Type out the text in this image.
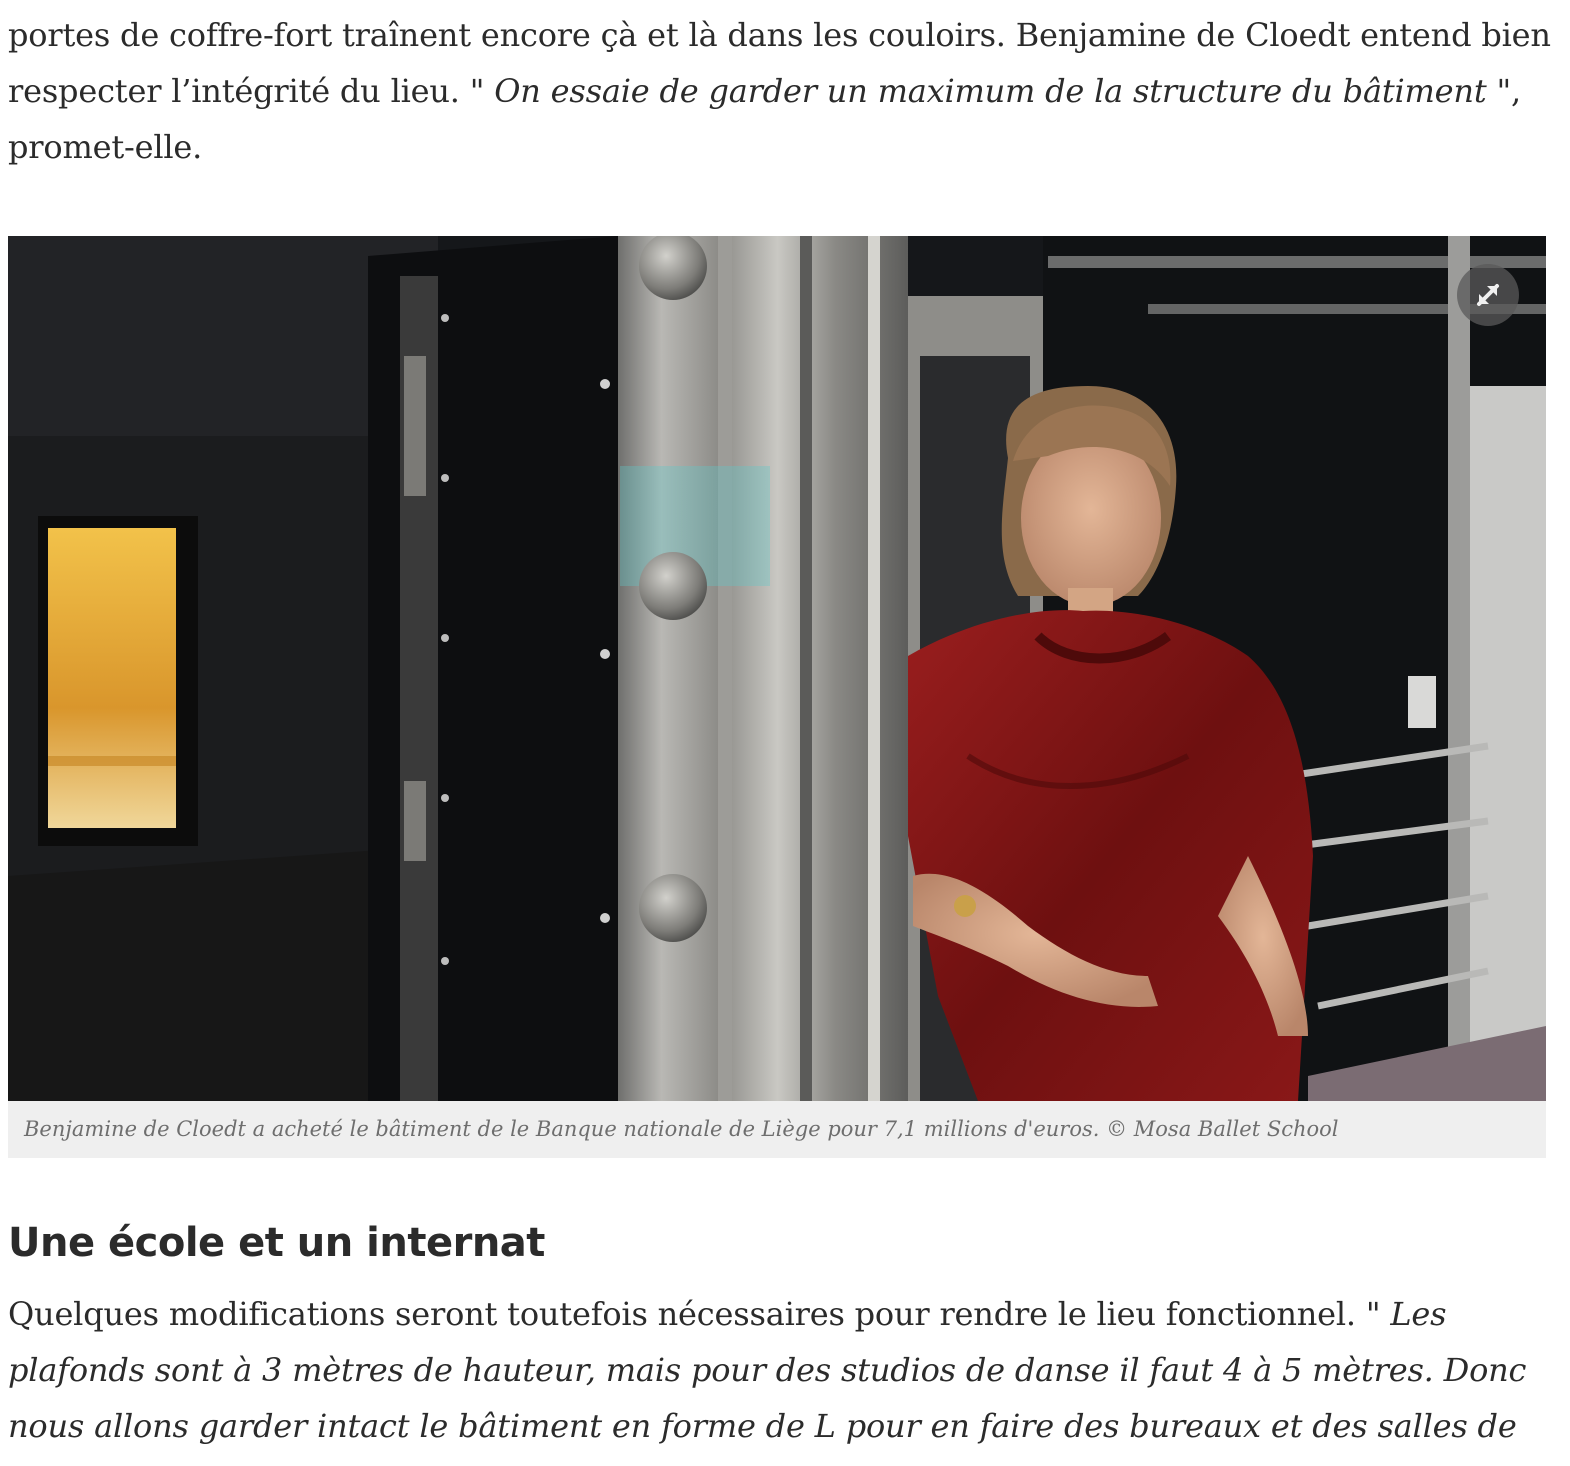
portes de coffre-fort traînent encore çà et là dans les couloirs. Benjamine de Cloedt entend bien respecter l’intégrité du lieu. " On essaie de garder un maximum de la structure du bâtiment ", promet-elle.

Benjamine de Cloedt a acheté le bâtiment de le Banque nationale de Liège pour 7,1 millions d'euros. © Mosa Ballet School
Une école et un internat

Quelques modifications seront toutefois nécessaires pour rendre le lieu fonctionnel. " Les plafonds sont à 3 mètres de hauteur, mais pour des studios de danse il faut 4 à 5 mètres. Donc nous allons garder intact le bâtiment en forme de L pour en faire des bureaux et des salles de
